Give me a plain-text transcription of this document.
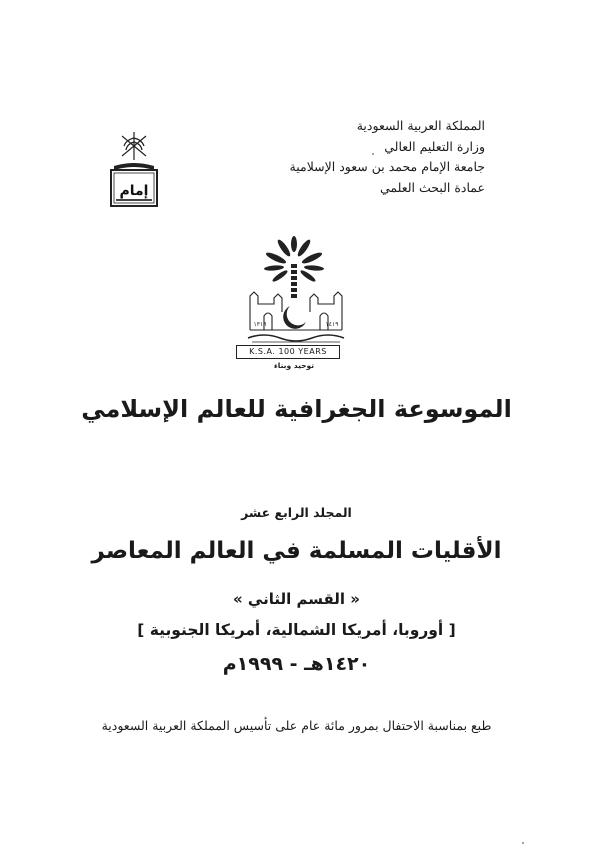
المملكة العربية السعودية
وزارة التعليم العالي
جامعة الإمام محمد بن سعود الإسلامية
عمادة البحث العلمي
إمام
١٣١٩	١٤١٩
K.S.A. 100 YEARS
توحيد وبناء
الموسوعة الجغرافية للعالم الإسلامي
المجلد الرابع عشر
الأقليات المسلمة في العالم المعاصر
« القسم الثاني »
[ أوروبا، أمريكا الشمالية، أمريكا الجنوبية ]
١٤٢٠هـ - ١٩٩٩م
طبع بمناسبة الاحتفال بمرور مائة عام على تأسيس المملكة العربية السعودية
